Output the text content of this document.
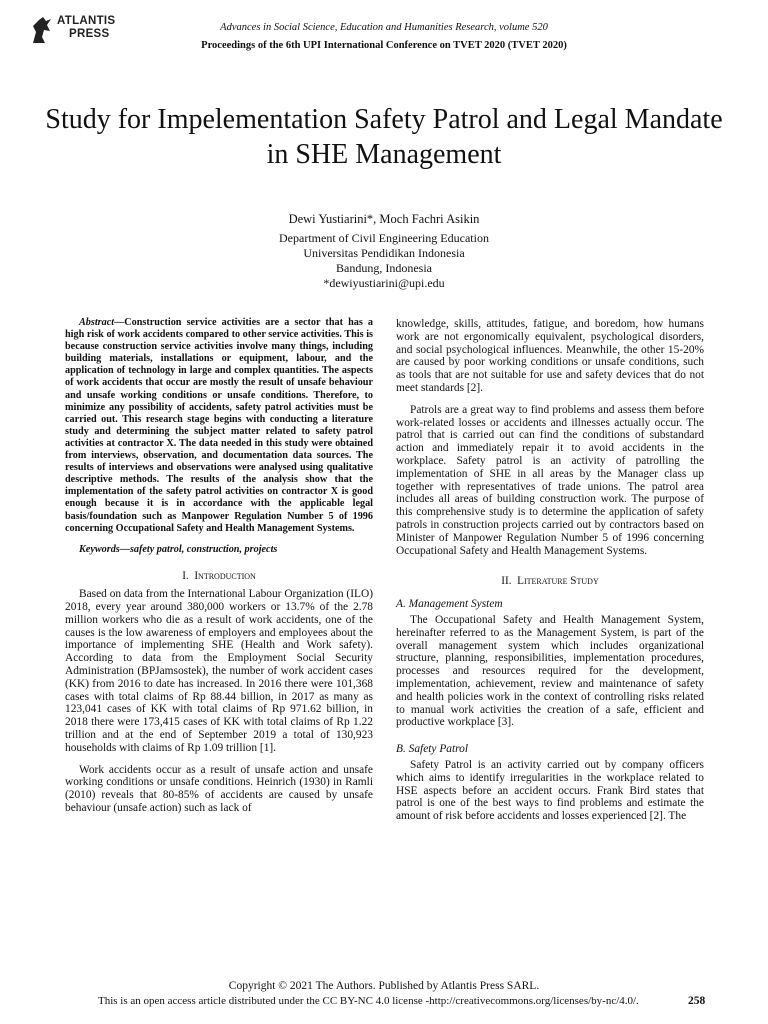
ATLANTIS
PRESS
Advances in Social Science, Education and Humanities Research, volume 520
Proceedings of the 6th UPI International Conference on TVET 2020 (TVET 2020)
Study for Impelementation Safety Patrol and Legal Mandate in SHE Management
Dewi Yustiarini*, Moch Fachri Asikin
Department of Civil Engineering Education
Universitas Pendidikan Indonesia
Bandung, Indonesia
*dewiyustiarini@upi.edu

Abstract—Construction service activities are a sector that has a high risk of work accidents compared to other service activities. This is because construction service activities involve many things, including building materials, installations or equipment, labour, and the application of technology in large and complex quantities. The aspects of work accidents that occur are mostly the result of unsafe behaviour and unsafe working conditions or unsafe conditions. Therefore, to minimize any possibility of accidents, safety patrol activities must be carried out. This research stage begins with conducting a literature study and determining the subject matter related to safety patrol activities at contractor X. The data needed in this study were obtained from interviews, observation, and documentation data sources. The results of interviews and observations were analysed using qualitative descriptive methods. The results of the analysis show that the implementation of the safety patrol activities on contractor X is good enough because it is in accordance with the applicable legal basis/foundation such as Manpower Regulation Number 5 of 1996 concerning Occupational Safety and Health Management Systems.

Keywords—safety patrol, construction, projects

I. Introduction

Based on data from the International Labour Organization (ILO) 2018, every year around 380,000 workers or 13.7% of the 2.78 million workers who die as a result of work accidents, one of the causes is the low awareness of employers and employees about the importance of implementing SHE (Health and Work safety). According to data from the Employment Social Security Administration (BPJamsostek), the number of work accident cases (KK) from 2016 to date has increased. In 2016 there were 101,368 cases with total claims of Rp 88.44 billion, in 2017 as many as 123,041 cases of KK with total claims of Rp 971.62 billion, in 2018 there were 173,415 cases of KK with total claims of Rp 1.22 trillion and at the end of September 2019 a total of 130,923 households with claims of Rp 1.09 trillion [1].

Work accidents occur as a result of unsafe action and unsafe working conditions or unsafe conditions. Heinrich (1930) in Ramli (2010) reveals that 80-85% of accidents are caused by unsafe behaviour (unsafe action) such as lack of

knowledge, skills, attitudes, fatigue, and boredom, how humans work are not ergonomically equivalent, psychological disorders, and social psychological influences. Meanwhile, the other 15-20% are caused by poor working conditions or unsafe conditions, such as tools that are not suitable for use and safety devices that do not meet standards [2].

Patrols are a great way to find problems and assess them before work-related losses or accidents and illnesses actually occur. The patrol that is carried out can find the conditions of substandard action and immediately repair it to avoid accidents in the workplace. Safety patrol is an activity of patrolling the implementation of SHE in all areas by the Manager class up together with representatives of trade unions. The patrol area includes all areas of building construction work. The purpose of this comprehensive study is to determine the application of safety patrols in construction projects carried out by contractors based on Minister of Manpower Regulation Number 5 of 1996 concerning Occupational Safety and Health Management Systems.

II. Literature Study
A. Management System

The Occupational Safety and Health Management System, hereinafter referred to as the Management System, is part of the overall management system which includes organizational structure, planning, responsibilities, implementation procedures, processes and resources required for the development, implementation, achievement, review and maintenance of safety and health policies work in the context of controlling risks related to manual work activities the creation of a safe, efficient and productive workplace [3].

B. Safety Patrol

Safety Patrol is an activity carried out by company officers which aims to identify irregularities in the workplace related to HSE aspects before an accident occurs. Frank Bird states that patrol is one of the best ways to find problems and estimate the amount of risk before accidents and losses experienced [2]. The

Copyright © 2021 The Authors. Published by Atlantis Press SARL.
This is an open access article distributed under the CC BY-NC 4.0 license -http://creativecommons.org/licenses/by-nc/4.0/.	258
